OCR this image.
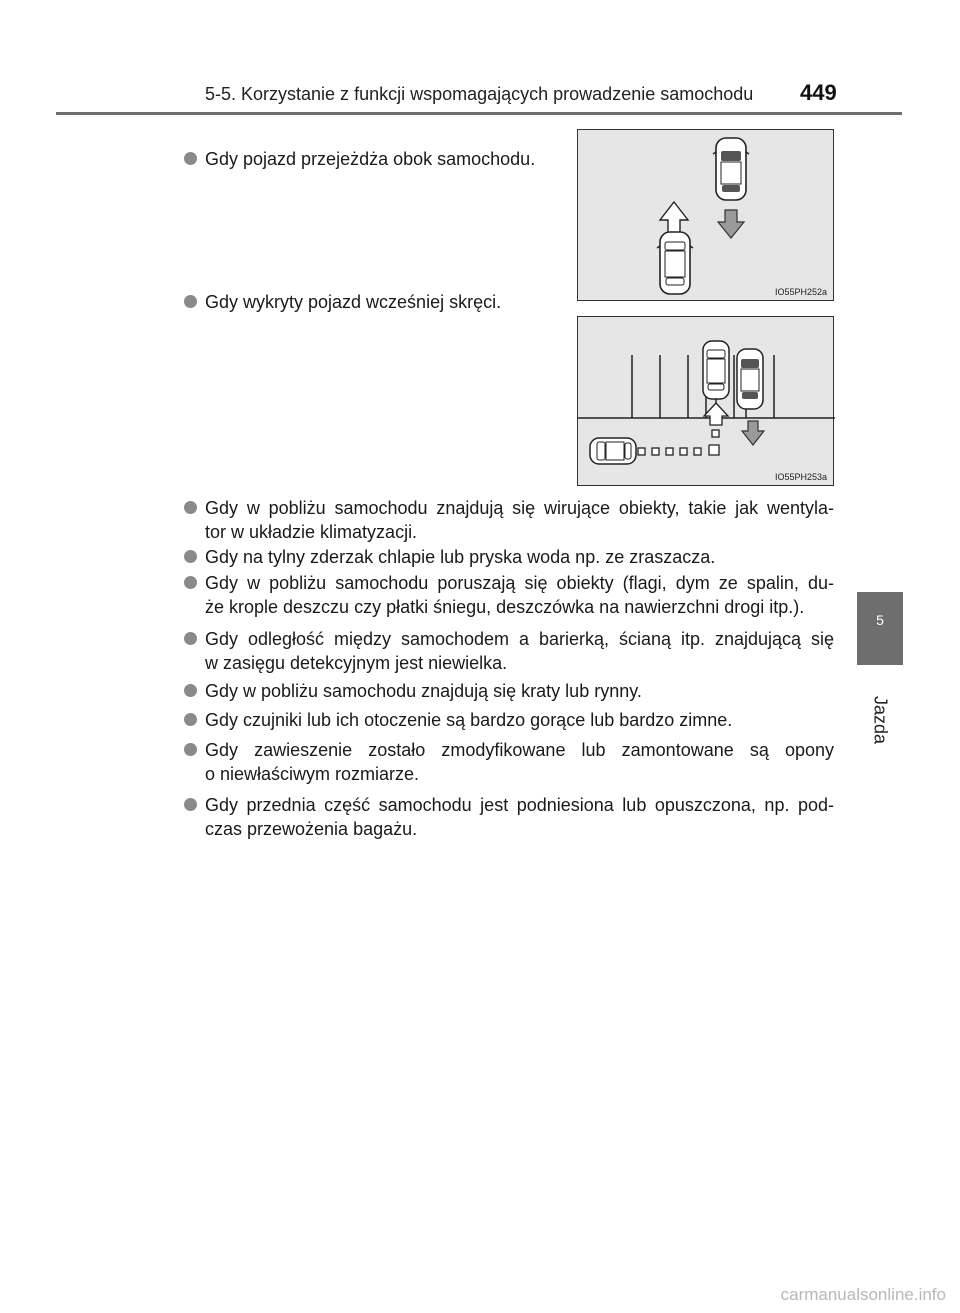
5-5. Korzystanie z funkcji wspomagających prowadzenie samochodu 449
5
Jazda
IO55PH252a
IO55PH253a
Gdy pojazd przejeżdża obok samochodu.
Gdy wykryty pojazd wcześniej skręci.
Gdy w pobliżu samochodu znajdują się wirujące obiekty, takie jak wentyla-
tor w układzie klimatyzacji.
Gdy na tylny zderzak chlapie lub pryska woda np. ze zraszacza.
Gdy w pobliżu samochodu poruszają się obiekty (flagi, dym ze spalin, du-
że krople deszczu czy płatki śniegu, deszczówka na nawierzchni drogi itp.).
Gdy odległość między samochodem a barierką, ścianą itp. znajdującą się
w zasięgu detekcyjnym jest niewielka.
Gdy w pobliżu samochodu znajdują się kraty lub rynny.
Gdy czujniki lub ich otoczenie są bardzo gorące lub bardzo zimne.
Gdy zawieszenie zostało zmodyfikowane lub zamontowane są opony
o niewłaściwym rozmiarze.
Gdy przednia część samochodu jest podniesiona lub opuszczona, np. pod-
czas przewożenia bagażu.
carmanualsonline.info
